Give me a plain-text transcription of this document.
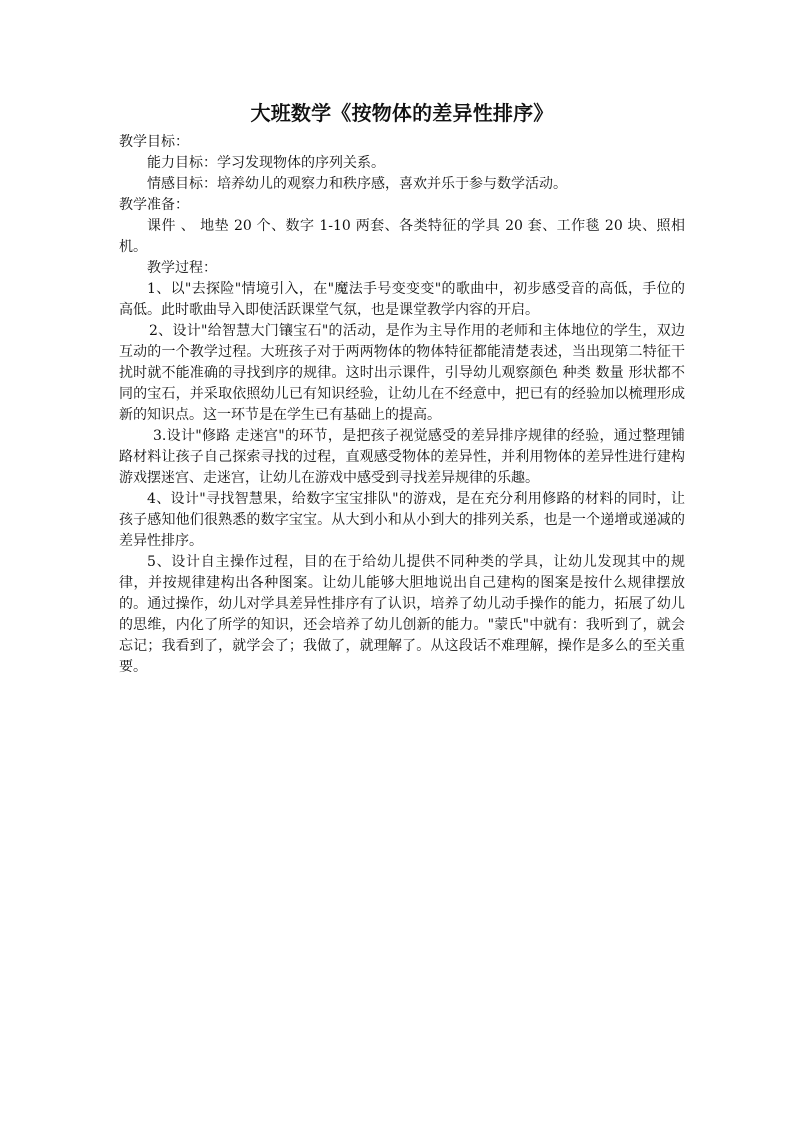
大班数学《按物体的差异性排序》

教学目标：

能力目标：学习发现物体的序列关系。

情感目标：培养幼儿的观察力和秩序感，喜欢并乐于参与数学活动。

教学准备：

课件 、 地垫 20 个、数字 1-10 两套、各类特征的学具 20 套、工作毯 20 块、照相机。

教学过程：

1、以"去探险"情境引入，在"魔法手号变变变"的歌曲中，初步感受音的高低，手位的高低。此时歌曲导入即使活跃课堂气氛，也是课堂教学内容的开启。

2、设计"给智慧大门镶宝石"的活动，是作为主导作用的老师和主体地位的学生，双边互动的一个教学过程。大班孩子对于两两物体的物体特征都能清楚表述，当出现第二特征干扰时就不能准确的寻找到序的规律。这时出示课件，引导幼儿观察颜色 种类 数量 形状都不同的宝石，并采取依照幼儿已有知识经验，让幼儿在不经意中，把已有的经验加以梳理形成新的知识点。这一环节是在学生已有基础上的提高。

3.设计"修路 走迷宫"的环节，是把孩子视觉感受的差异排序规律的经验，通过整理铺路材料让孩子自己探索寻找的过程，直观感受物体的差异性，并利用物体的差异性进行建构游戏摆迷宫、走迷宫，让幼儿在游戏中感受到寻找差异规律的乐趣。

4、设计"寻找智慧果，给数字宝宝排队"的游戏，是在充分利用修路的材料的同时，让孩子感知他们很熟悉的数字宝宝。从大到小和从小到大的排列关系，也是一个递增或递减的差异性排序。

5、设计自主操作过程，目的在于给幼儿提供不同种类的学具，让幼儿发现其中的规律，并按规律建构出各种图案。让幼儿能够大胆地说出自己建构的图案是按什么规律摆放的。通过操作，幼儿对学具差异性排序有了认识，培养了幼儿动手操作的能力，拓展了幼儿的思维，内化了所学的知识，还会培养了幼儿创新的能力。"蒙氏"中就有：我听到了，就会忘记；我看到了，就学会了；我做了，就理解了。从这段话不难理解，操作是多么的至关重要。
